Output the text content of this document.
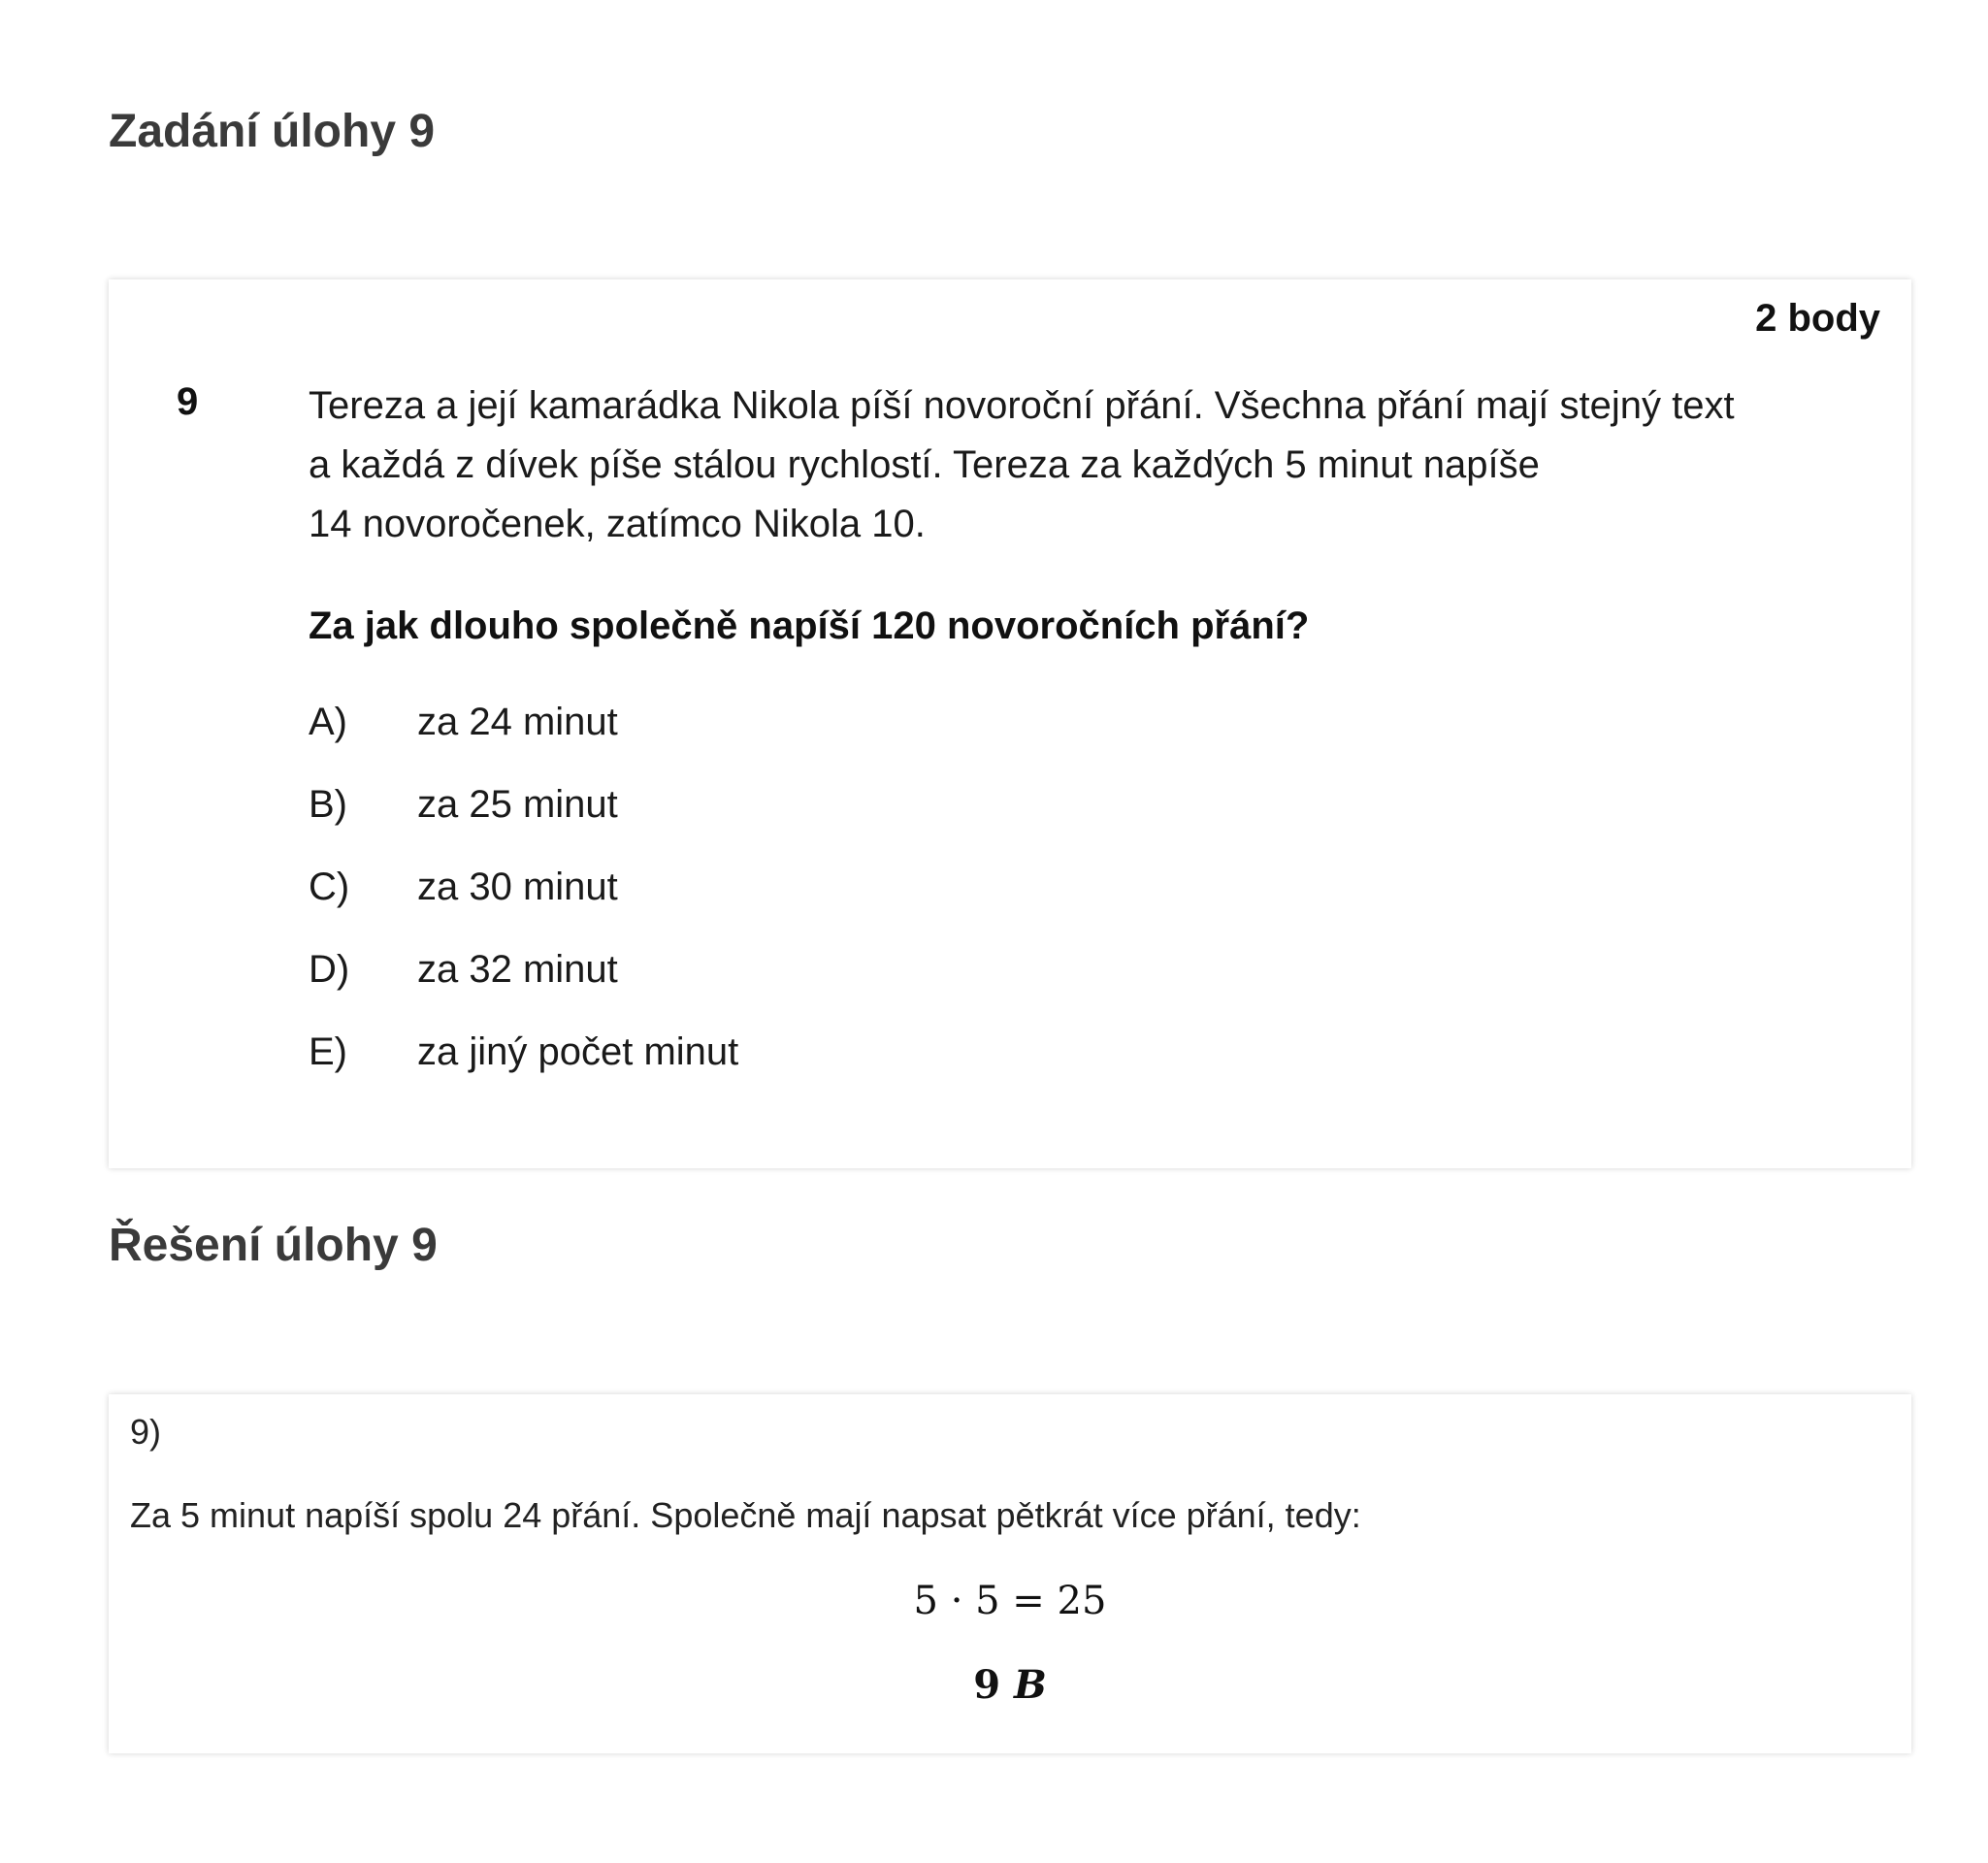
Zadání úlohy 9
2 body
9	Tereza a její kamarádka Nikola píší novoroční přání. Všechna přání mají stejný text
a každá z dívek píše stálou rychlostí. Tereza za každých 5 minut napíše
14 novoročenek, zatímco Nikola 10.

Za jak dlouho společně napíší 120 novoročních přání?
A)	za 24 minut
B)	za 25 minut
C)	za 30 minut
D)	za 32 minut
E)	za jiný počet minut
Řešení úlohy 9
9)
Za 5 minut napíší spolu 24 přání. Společně mají napsat pětkrát více přání, tedy:
5 · 5 = 25
9 B
